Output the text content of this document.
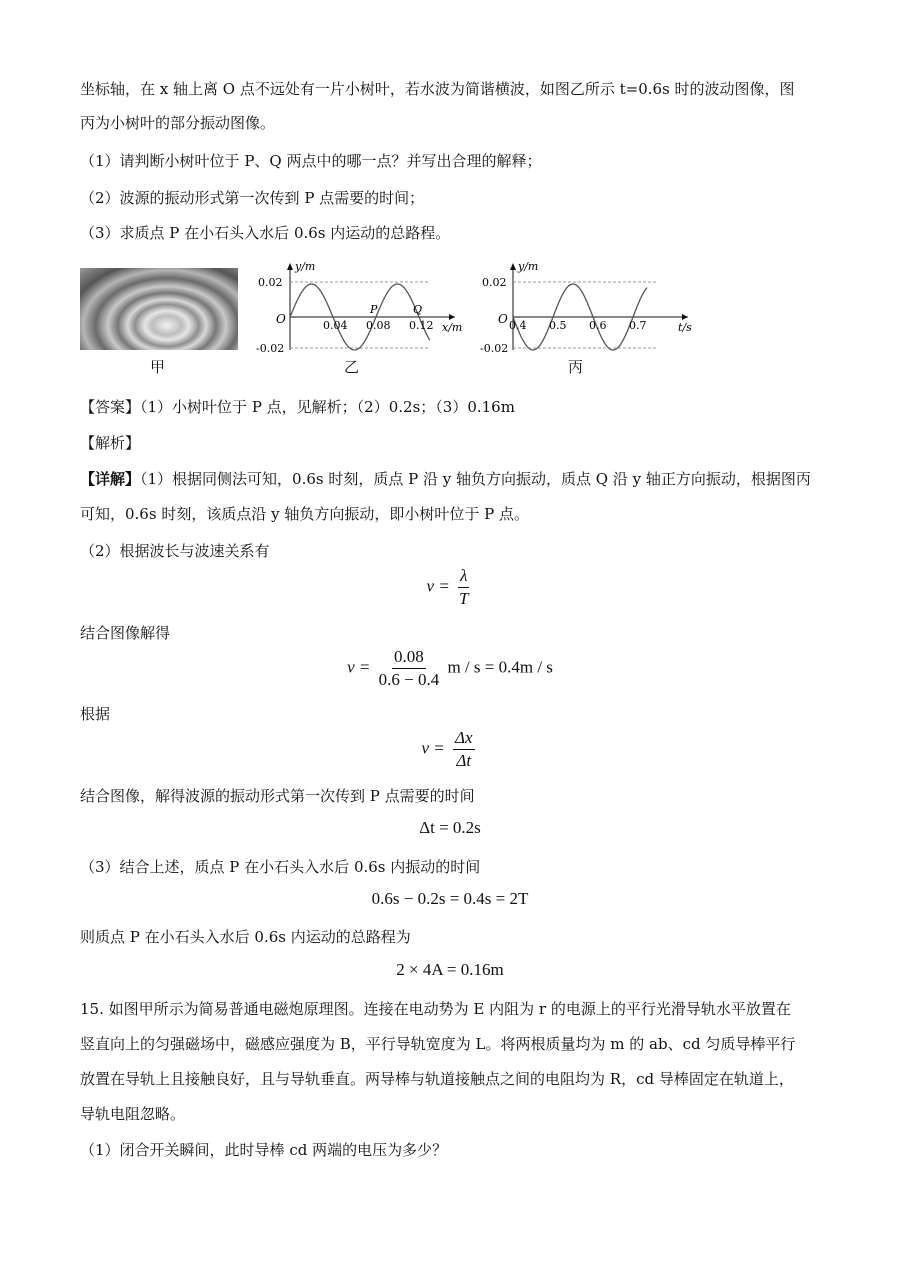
坐标轴，在 x 轴上离 O 点不远处有一片小树叶，若水波为简谐横波，如图乙所示 t=0.6s 时的波动图像，图
丙为小树叶的部分振动图像。
（1）请判断小树叶位于 P、Q 两点中的哪一点？并写出合理的解释；
（2）波源的振动形式第一次传到 P 点需要的时间；
（3）求质点 P 在小石头入水后 0.6s 内运动的总路程。
甲
y/m
x/m
O
0.02
-0.02
0.04 0.08 0.12
P	Q
乙
y/m
t/s
O
0.02
-0.02
0.4 0.5 0.6 0.7
丙
【答案】（1）小树叶位于 P 点，见解析；（2）0.2s；（3）0.16m
【解析】
【详解】（1）根据同侧法可知，0.6s 时刻，质点 P 沿 y 轴负方向振动，质点 Q 沿 y 轴正方向振动，根据图丙
可知，0.6s 时刻，该质点沿 y 轴负方向振动，即小树叶位于 P 点。
（2）根据波长与波速关系有
$v = \frac{\lambda}{T}$
结合图像解得
$v = \frac{0.08}{0.6 - 0.4}$ m / s = 0.4m / s
根据
$v = \frac{\Delta x}{\Delta t}$
结合图像，解得波源的振动形式第一次传到 P 点需要的时间
Δt = 0.2s
（3）结合上述，质点 P 在小石头入水后 0.6s 内振动的时间
0.6s − 0.2s = 0.4s = 2T
则质点 P 在小石头入水后 0.6s 内运动的总路程为
2 × 4A = 0.16m
15. 如图甲所示为简易普通电磁炮原理图。连接在电动势为 E 内阻为 r 的电源上的平行光滑导轨水平放置在
竖直向上的匀强磁场中，磁感应强度为 B，平行导轨宽度为 L。将两根质量均为 m 的 ab、cd 匀质导棒平行
放置在导轨上且接触良好，且与导轨垂直。两导棒与轨道接触点之间的电阻均为 R，cd 导棒固定在轨道上，
导轨电阻忽略。
（1）闭合开关瞬间，此时导棒 cd 两端的电压为多少？
